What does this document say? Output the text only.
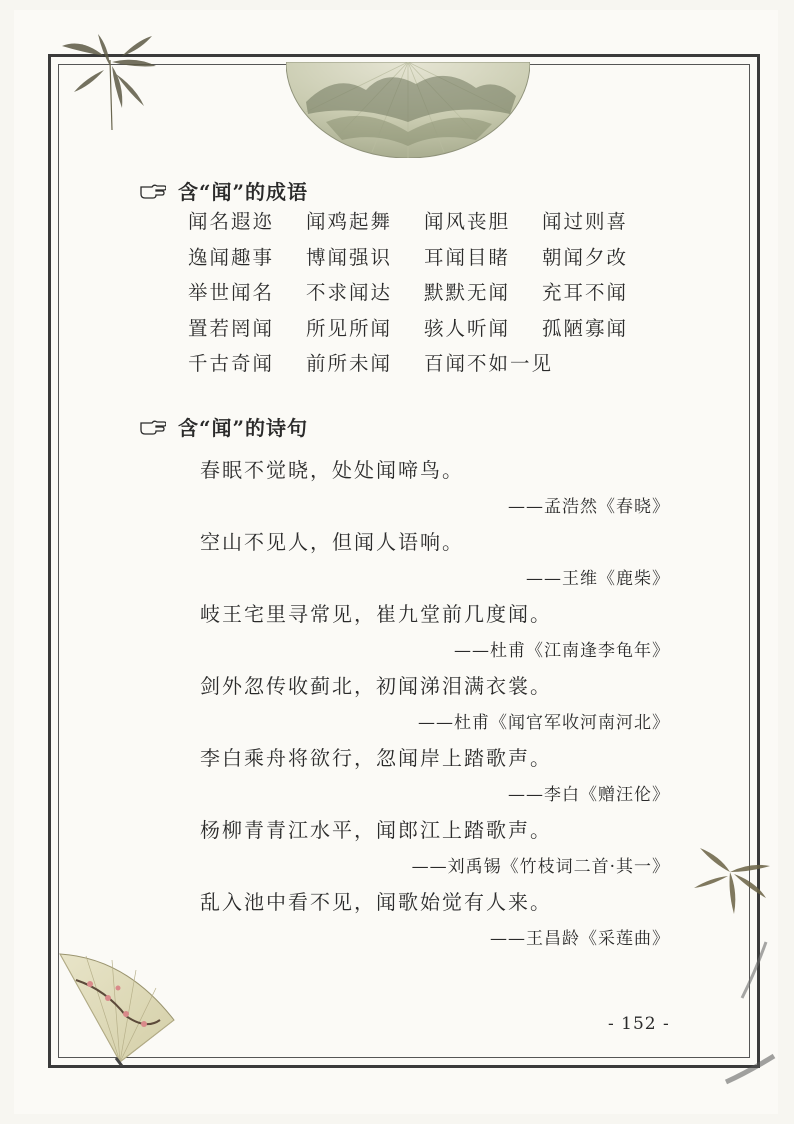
含“闻”的成语
闻名遐迩	闻鸡起舞	闻风丧胆	闻过则喜
逸闻趣事	博闻强识	耳闻目睹	朝闻夕改
举世闻名	不求闻达	默默无闻	充耳不闻
置若罔闻	所见所闻	骇人听闻	孤陋寡闻
千古奇闻	前所未闻	百闻不如一见
含“闻”的诗句
春眠不觉晓，处处闻啼鸟。
——孟浩然《春晓》
空山不见人，但闻人语响。
——王维《鹿柴》
岐王宅里寻常见，崔九堂前几度闻。
——杜甫《江南逢李龟年》
剑外忽传收蓟北，初闻涕泪满衣裳。
——杜甫《闻官军收河南河北》
李白乘舟将欲行，忽闻岸上踏歌声。
——李白《赠汪伦》
杨柳青青江水平，闻郎江上踏歌声。
——刘禹锡《竹枝词二首·其一》
乱入池中看不见，闻歌始觉有人来。
——王昌龄《采莲曲》
- 152 -
